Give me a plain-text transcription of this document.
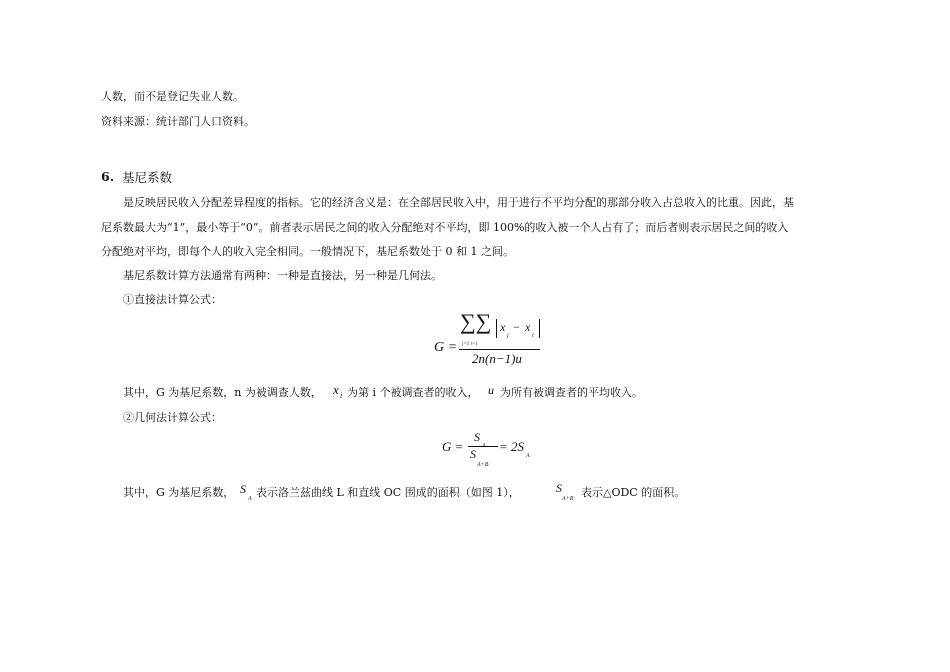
人数，而不是登记失业人数。
资料来源：统计部门人口资料。
6. 基尼系数
是反映居民收入分配差异程度的指标。它的经济含义是：在全部居民收入中，用于进行不平均分配的那部分收入占总收入的比重。因此，基
尼系数最大为“1”，最小等于“0”。前者表示居民之间的收入分配绝对不平均，即 100%的收入被一个人占有了；而后者则表示居民之间的收入
分配绝对平均，即每个人的收入完全相同。一般情况下，基尼系数处于 0 和 1 之间。
基尼系数计算方法通常有两种：一种是直接法，另一种是几何法。
①直接法计算公式：
G =
∑∑
j=1 i=1
x
j
− x
i
2n(n−1)u
其中，G 为基尼系数，n 为被调查人数， x i 为第 i 个被调查者的收入， u 为所有被调查者的平均收入。
②几何法计算公式：
G =
S
S
A+B
= 2S
A
其中，G 为基尼系数， S
A 表示洛兰兹曲线 L 和直线 OC 围成的面积（如图 1），	S
A+B 表示△ODC 的面积。
